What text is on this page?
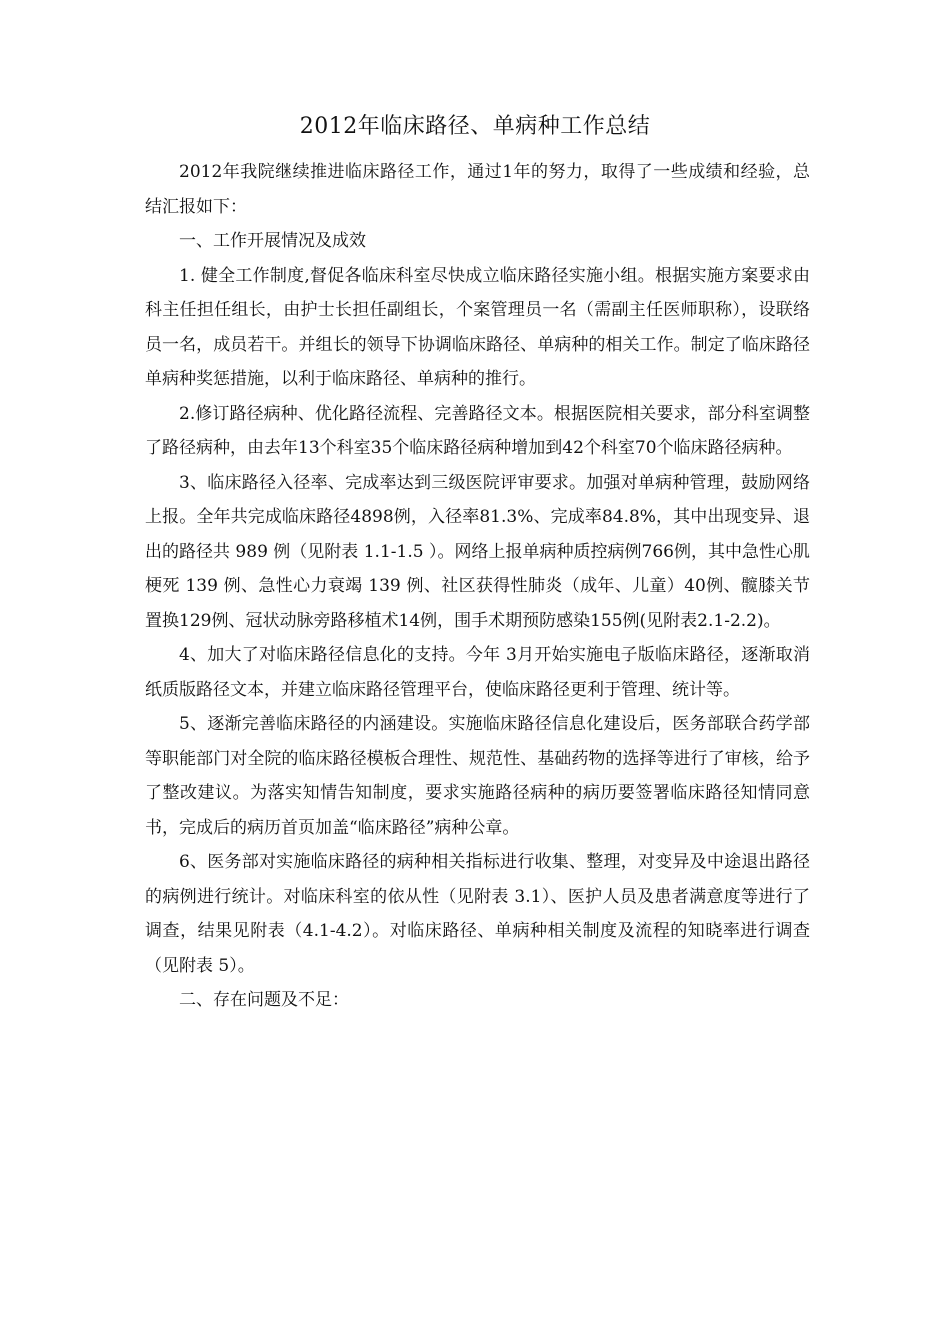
2012年临床路径、单病种工作总结

2012年我院继续推进临床路径工作，通过1年的努力，取得了一些成绩和经验，总结汇报如下：

一、工作开展情况及成效

1. 健全工作制度,督促各临床科室尽快成立临床路径实施小组。根据实施方案要求由科主任担任组长，由护士长担任副组长，个案管理员一名（需副主任医师职称），设联络员一名，成员若干。并组长的领导下协调临床路径、单病种的相关工作。制定了临床路径单病种奖惩措施，以利于临床路径、单病种的推行。

2.修订路径病种、优化路径流程、完善路径文本。根据医院相关要求，部分科室调整了路径病种，由去年13个科室35个临床路径病种增加到42个科室70个临床路径病种。

3、临床路径入径率、完成率达到三级医院评审要求。加强对单病种管理，鼓励网络上报。全年共完成临床路径4898例，入径率81.3%、完成率84.8%，其中出现变异、退出的路径共 989 例（见附表 1.1-1.5 ）。网络上报单病种质控病例766例，其中急性心肌梗死 139 例、急性心力衰竭 139 例、社区获得性肺炎（成年、儿童）40例、髋膝关节置换129例、冠状动脉旁路移植术14例，围手术期预防感染155例(见附表2.1-2.2)。

4、加大了对临床路径信息化的支持。今年 3月开始实施电子版临床路径，逐渐取消纸质版路径文本，并建立临床路径管理平台，使临床路径更利于管理、统计等。

5、逐渐完善临床路径的内涵建设。实施临床路径信息化建设后，医务部联合药学部等职能部门对全院的临床路径模板合理性、规范性、基础药物的选择等进行了审核，给予了整改建议。为落实知情告知制度，要求实施路径病种的病历要签署临床路径知情同意书，完成后的病历首页加盖“临床路径”病种公章。

6、医务部对实施临床路径的病种相关指标进行收集、整理，对变异及中途退出路径的病例进行统计。对临床科室的依从性（见附表 3.1）、医护人员及患者满意度等进行了调查，结果见附表（4.1-4.2）。对临床路径、单病种相关制度及流程的知晓率进行调查（见附表 5）。

二、存在问题及不足：
